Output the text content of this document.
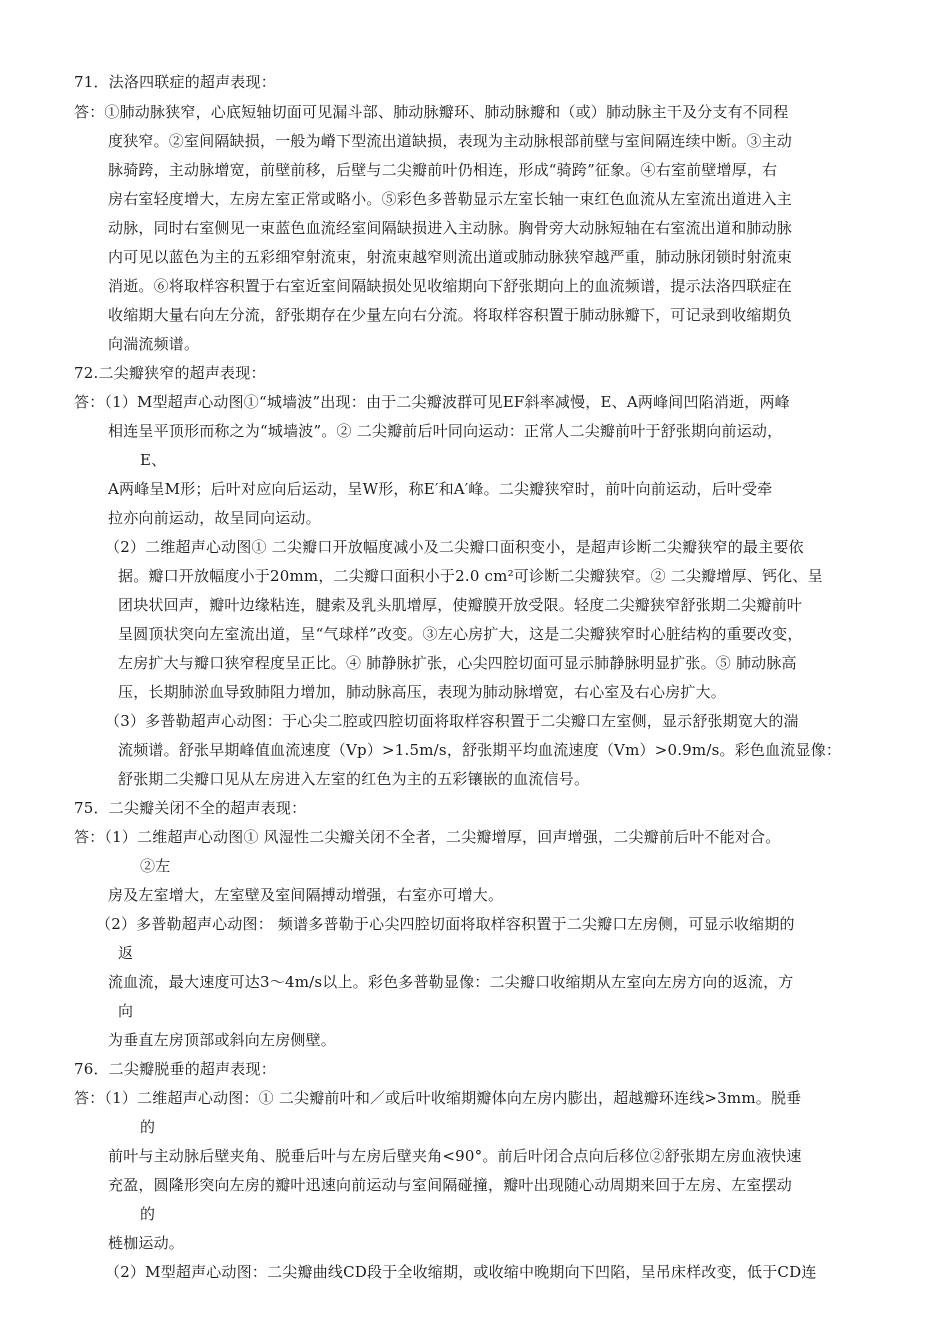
71．法洛四联症的超声表现：
答：①肺动脉狭窄，心底短轴切面可见漏斗部、肺动脉瓣环、肺动脉瓣和（或）肺动脉主干及分支有不同程
度狭窄。②室间隔缺损，一般为嵴下型流出道缺损，表现为主动脉根部前壁与室间隔连续中断。③主动
脉骑跨，主动脉增宽，前壁前移，后壁与二尖瓣前叶仍相连，形成“骑跨”征象。④右室前壁增厚，右
房右室轻度增大，左房左室正常或略小。⑤彩色多普勒显示左室长轴一束红色血流从左室流出道进入主
动脉，同时右室侧见一束蓝色血流经室间隔缺损进入主动脉。胸骨旁大动脉短轴在右室流出道和肺动脉
内可见以蓝色为主的五彩细窄射流束，射流束越窄则流出道或肺动脉狭窄越严重，肺动脉闭锁时射流束
消逝。⑥将取样容积置于右室近室间隔缺损处见收缩期向下舒张期向上的血流频谱，提示法洛四联症在
收缩期大量右向左分流，舒张期存在少量左向右分流。将取样容积置于肺动脉瓣下，可记录到收缩期负
向湍流频谱。
72.二尖瓣狭窄的超声表现：
答：（1）M型超声心动图①“城墙波”出现：由于二尖瓣波群可见EF斜率减慢，E、A两峰间凹陷消逝，两峰
相连呈平顶形而称之为“城墙波”。② 二尖瓣前后叶同向运动：正常人二尖瓣前叶于舒张期向前运动，
E、
A两峰呈M形；后叶对应向后运动，呈W形，称E′和A′峰。二尖瓣狭窄时，前叶向前运动，后叶受牵
拉亦向前运动，故呈同向运动。
（2）二维超声心动图① 二尖瓣口开放幅度减小及二尖瓣口面积变小，是超声诊断二尖瓣狭窄的最主要依
据。瓣口开放幅度小于20mm，二尖瓣口面积小于2.0 cm²可诊断二尖瓣狭窄。② 二尖瓣增厚、钙化、呈
团块状回声，瓣叶边缘粘连，腱索及乳头肌增厚，使瓣膜开放受限。轻度二尖瓣狭窄舒张期二尖瓣前叶
呈圆顶状突向左室流出道，呈“气球样”改变。③左心房扩大，这是二尖瓣狭窄时心脏结构的重要改变，
左房扩大与瓣口狭窄程度呈正比。④ 肺静脉扩张，心尖四腔切面可显示肺静脉明显扩张。⑤ 肺动脉高
压，长期肺淤血导致肺阻力增加，肺动脉高压，表现为肺动脉增宽，右心室及右心房扩大。
（3）多普勒超声心动图：于心尖二腔或四腔切面将取样容积置于二尖瓣口左室侧，显示舒张期宽大的湍
流频谱。舒张早期峰值血流速度（Vp）>1.5m/s，舒张期平均血流速度（Vm）>0.9m/s。彩色血流显像：
舒张期二尖瓣口见从左房进入左室的红色为主的五彩镶嵌的血流信号。
75．二尖瓣关闭不全的超声表现：
答：（1）二维超声心动图① 风湿性二尖瓣关闭不全者，二尖瓣增厚，回声增强，二尖瓣前后叶不能对合。
②左
房及左室增大，左室壁及室间隔搏动增强，右室亦可增大。
（2）多普勒超声心动图： 频谱多普勒于心尖四腔切面将取样容积置于二尖瓣口左房侧，可显示收缩期的
返
流血流，最大速度可达3～4m/s以上。彩色多普勒显像：二尖瓣口收缩期从左室向左房方向的返流，方
向
为垂直左房顶部或斜向左房侧壁。
76．二尖瓣脱垂的超声表现：
答：（1）二维超声心动图：① 二尖瓣前叶和／或后叶收缩期瓣体向左房内膨出，超越瓣环连线>3mm。脱垂
的
前叶与主动脉后壁夹角、脱垂后叶与左房后壁夹角<90°。前后叶闭合点向后移位②舒张期左房血液快速
充盈，圆隆形突向左房的瓣叶迅速向前运动与室间隔碰撞，瓣叶出现随心动周期来回于左房、左室摆动
的
梿枷运动。
（2）M型超声心动图：二尖瓣曲线CD段于全收缩期，或收缩中晚期向下凹陷，呈吊床样改变，低于CD连
